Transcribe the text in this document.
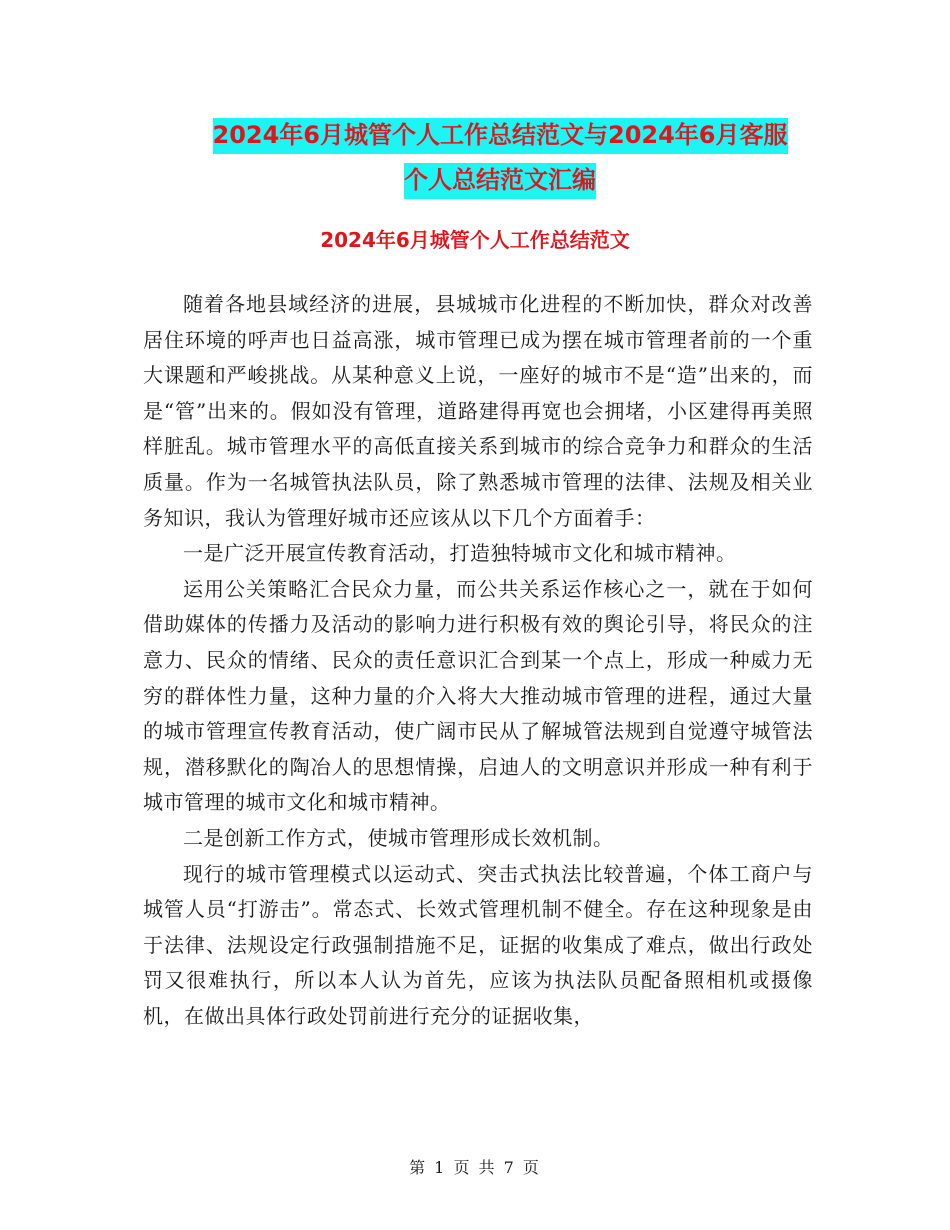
2024年6月城管个人工作总结范文与2024年6月客服
个人总结范文汇编
2024年6月城管个人工作总结范文

随着各地县域经济的进展，县城城市化进程的不断加快，群众对改善居住环境的呼声也日益高涨，城市管理已成为摆在城市管理者前的一个重大课题和严峻挑战。从某种意义上说，一座好的城市不是“造”出来的，而是“管”出来的。假如没有管理，道路建得再宽也会拥堵，小区建得再美照样脏乱。城市管理水平的高低直接关系到城市的综合竞争力和群众的生活质量。作为一名城管执法队员，除了熟悉城市管理的法律、法规及相关业务知识，我认为管理好城市还应该从以下几个方面着手：

一是广泛开展宣传教育活动，打造独特城市文化和城市精神。

运用公关策略汇合民众力量，而公共关系运作核心之一，就在于如何借助媒体的传播力及活动的影响力进行积极有效的舆论引导，将民众的注意力、民众的情绪、民众的责任意识汇合到某一个点上，形成一种威力无穷的群体性力量，这种力量的介入将大大推动城市管理的进程，通过大量的城市管理宣传教育活动，使广阔市民从了解城管法规到自觉遵守城管法规，潜移默化的陶冶人的思想情操，启迪人的文明意识并形成一种有利于城市管理的城市文化和城市精神。

二是创新工作方式，使城市管理形成长效机制。

现行的城市管理模式以运动式、突击式执法比较普遍，个体工商户与城管人员“打游击”。常态式、长效式管理机制不健全。存在这种现象是由于法律、法规设定行政强制措施不足，证据的收集成了难点，做出行政处罚又很难执行，所以本人认为首先，应该为执法队员配备照相机或摄像机，在做出具体行政处罚前进行充分的证据收集，

第 1 页 共 7 页
